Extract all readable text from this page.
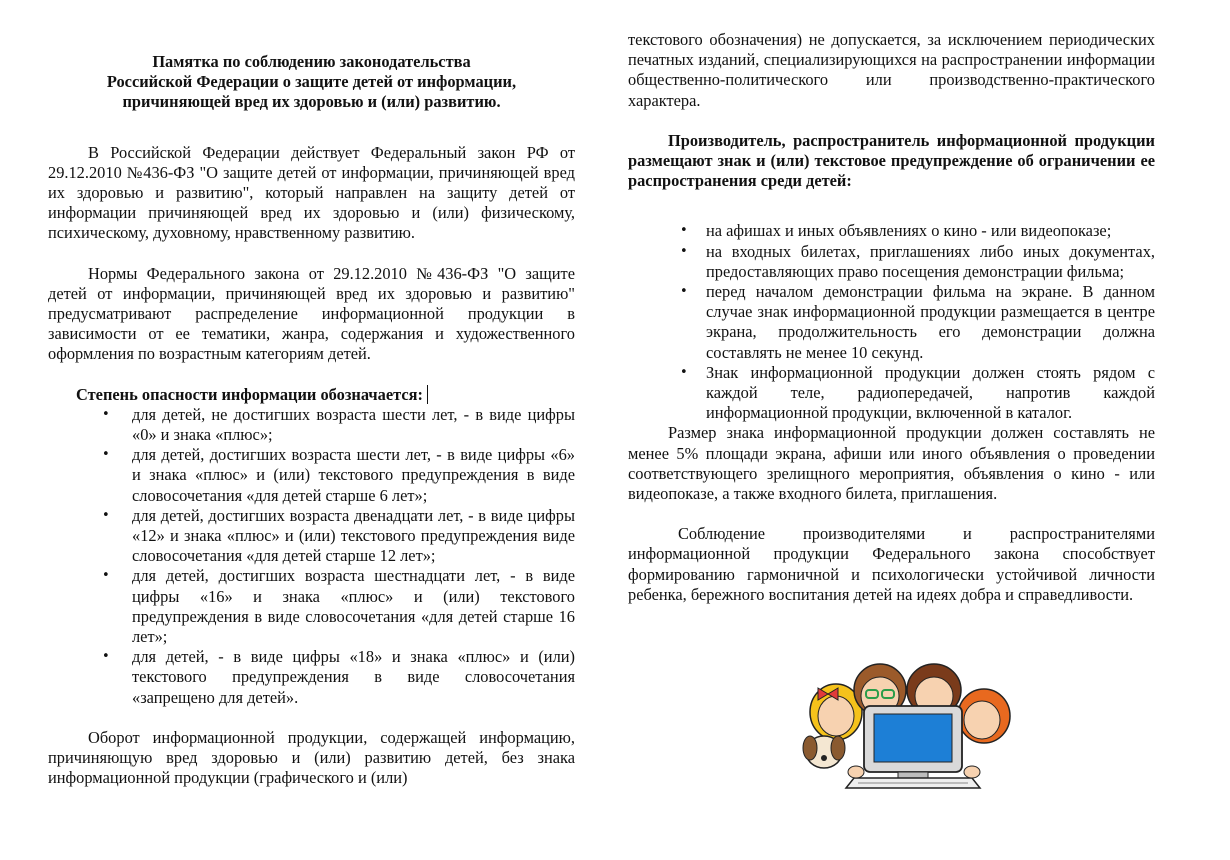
Памятка по соблюдению законодательства
Российской Федерации о защите детей от информации,
причиняющей вред их здоровью и (или) развитию.

В Российской Федерации действует Федеральный закон РФ от 29.12.2010 №436-ФЗ "О защите детей от информации, причиняющей вред их здоровью и развитию", который направлен на защиту детей от информации причиняющей вред их здоровью и (или) физическому, психическому, духовному, нравственному развитию.

Нормы Федерального закона от 29.12.2010 №436-ФЗ "О защите детей от информации, причиняющей вред их здоровью и развитию" предусматривают распределение информационной продукции в зависимости от ее тематики, жанра, содержания и художественного оформления по возрастным категориям детей.

Степень опасности информации обозначается:
• для детей, не достигших возраста шести лет, - в виде цифры «0» и знака «плюс»;
• для детей, достигших возраста шести лет, - в виде цифры «6» и знака «плюс» и (или) текстового предупреждения в виде словосочетания «для детей старше 6 лет»;
• для детей, достигших возраста двенадцати лет, - в виде цифры «12» и знака «плюс» и (или) текстового предупреждения виде словосочетания «для детей старше 12 лет»;
• для детей, достигших возраста шестнадцати лет, - в виде цифры «16» и знака «плюс» и (или) текстового предупреждения в виде словосочетания «для детей старше 16 лет»;
• для детей, - в виде цифры «18» и знака «плюс» и (или) текстового предупреждения в виде словосочетания «запрещено для детей».

Оборот информационной продукции, содержащей информацию, причиняющую вред здоровью и (или) развитию детей, без знака информационной продукции (графического и (или)

текстового обозначения) не допускается, за исключением периодических печатных изданий, специализирующихся на распространении информации общественно-политического или производственно-практического характера.

Производитель, распространитель информационной продукции размещают знак и (или) текстовое предупреждение об ограничении ее распространения среди детей:

• на афишах и иных объявлениях о кино - или видеопоказе;
• на входных билетах, приглашениях либо иных документах, предоставляющих право посещения демонстрации фильма;
• перед началом демонстрации фильма на экране. В данном случае знак информационной продукции размещается в центре экрана, продолжительность его демонстрации должна составлять не менее 10 секунд.
• Знак информационной продукции должен стоять рядом с каждой теле, радиопередачей, напротив каждой информационной продукции, включенной в каталог.

Размер знака информационной продукции должен составлять не менее 5% площади экрана, афиши или иного объявления о проведении соответствующего зрелищного мероприятия, объявления о кино - или видеопоказе, а также входного билета, приглашения.

Соблюдение производителями и распространителями информационной продукции Федерального закона способствует формированию гармоничной и психологически устойчивой личности ребенка, бережного воспитания детей на идеях добра и справедливости.
